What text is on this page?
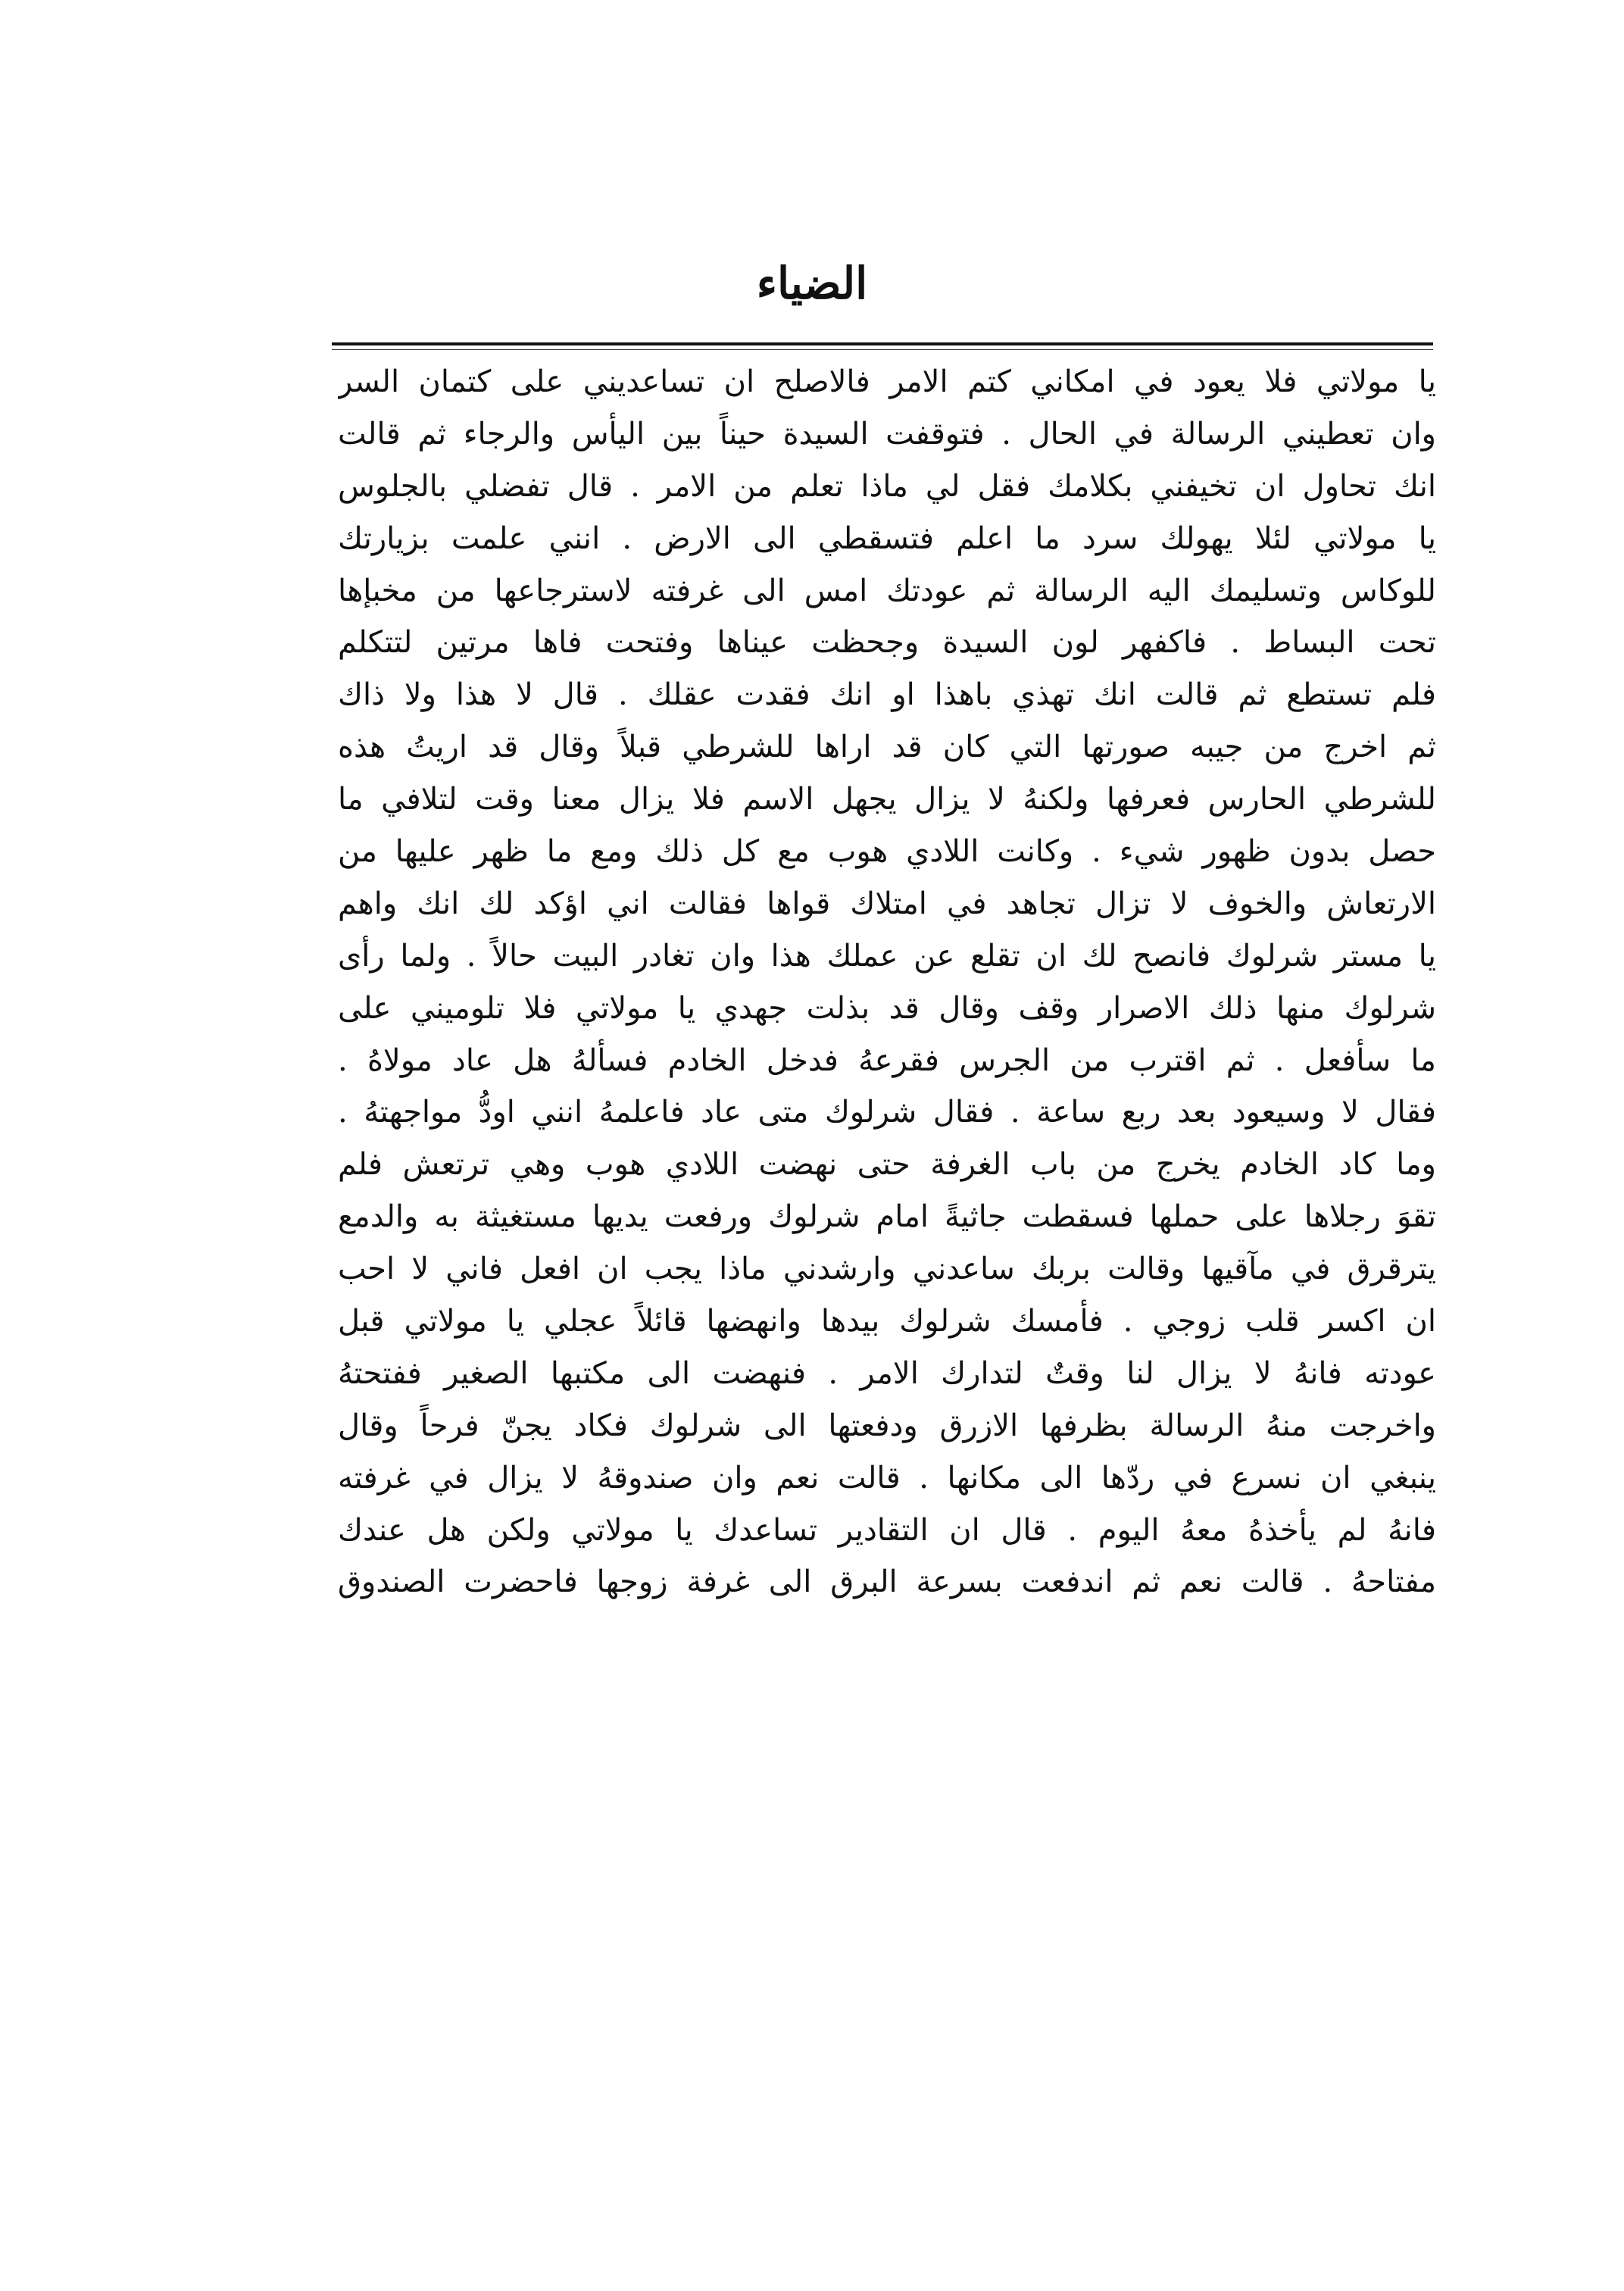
الضياء
يا مولاتي فلا يعود في امكاني كتم الامر فالاصلح ان تساعديني على كتمان السر
وان تعطيني الرسالة في الحال . فتوقفت السيدة حيناً بين اليأس والرجاء ثم قالت
انك تحاول ان تخيفني بكلامك فقل لي ماذا تعلم من الامر . قال تفضلي بالجلوس
يا مولاتي لئلا يهولك سرد ما اعلم فتسقطي الى الارض . انني علمت بزيارتك
للوكاس وتسليمك اليه الرسالة ثم عودتك امس الى غرفته لاسترجاعها من مخبإها
تحت البساط . فاكفهر لون السيدة وجحظت عيناها وفتحت فاها مرتين لتتكلم
فلم تستطع ثم قالت انك تهذي باهذا او انك فقدت عقلك . قال لا هذا ولا ذاك
ثم اخرج من جيبه صورتها التي كان قد اراها للشرطي قبلاً وقال قد اريتُ هذه
للشرطي الحارس فعرفها ولكنهُ لا يزال يجهل الاسم فلا يزال معنا وقت لتلافي ما
حصل بدون ظهور شيء . وكانت اللادي هوب مع كل ذلك ومع ما ظهر عليها من
الارتعاش والخوف لا تزال تجاهد في امتلاك قواها فقالت اني اؤكد لك انك واهم
يا مستر شرلوك فانصح لك ان تقلع عن عملك هذا وان تغادر البيت حالاً . ولما رأى
شرلوك منها ذلك الاصرار وقف وقال قد بذلت جهدي يا مولاتي فلا تلوميني على
ما سأفعل . ثم اقترب من الجرس فقرعهُ فدخل الخادم فسألهُ هل عاد مولاهُ .
فقال لا وسيعود بعد ربع ساعة . فقال شرلوك متى عاد فاعلمهُ انني اودُّ مواجهتهُ .
وما كاد الخادم يخرج من باب الغرفة حتى نهضت اللادي هوب وهي ترتعش فلم
تقوَ رجلاها على حملها فسقطت جاثيةً امام شرلوك ورفعت يديها مستغيثة به والدمع
يترقرق في مآقيها وقالت بربك ساعدني وارشدني ماذا يجب ان افعل فاني لا احب
ان اكسر قلب زوجي . فأمسك شرلوك بيدها وانهضها قائلاً عجلي يا مولاتي قبل
عودته فانهُ لا يزال لنا وقتٌ لتدارك الامر . فنهضت الى مكتبها الصغير ففتحتهُ
واخرجت منهُ الرسالة بظرفها الازرق ودفعتها الى شرلوك فكاد يجنّ فرحاً وقال
ينبغي ان نسرع في ردّها الى مكانها . قالت نعم وان صندوقهُ لا يزال في غرفته
فانهُ لم يأخذهُ معهُ اليوم . قال ان التقادير تساعدك يا مولاتي ولكن هل عندك
مفتاحهُ . قالت نعم ثم اندفعت بسرعة البرق الى غرفة زوجها فاحضرت الصندوق
